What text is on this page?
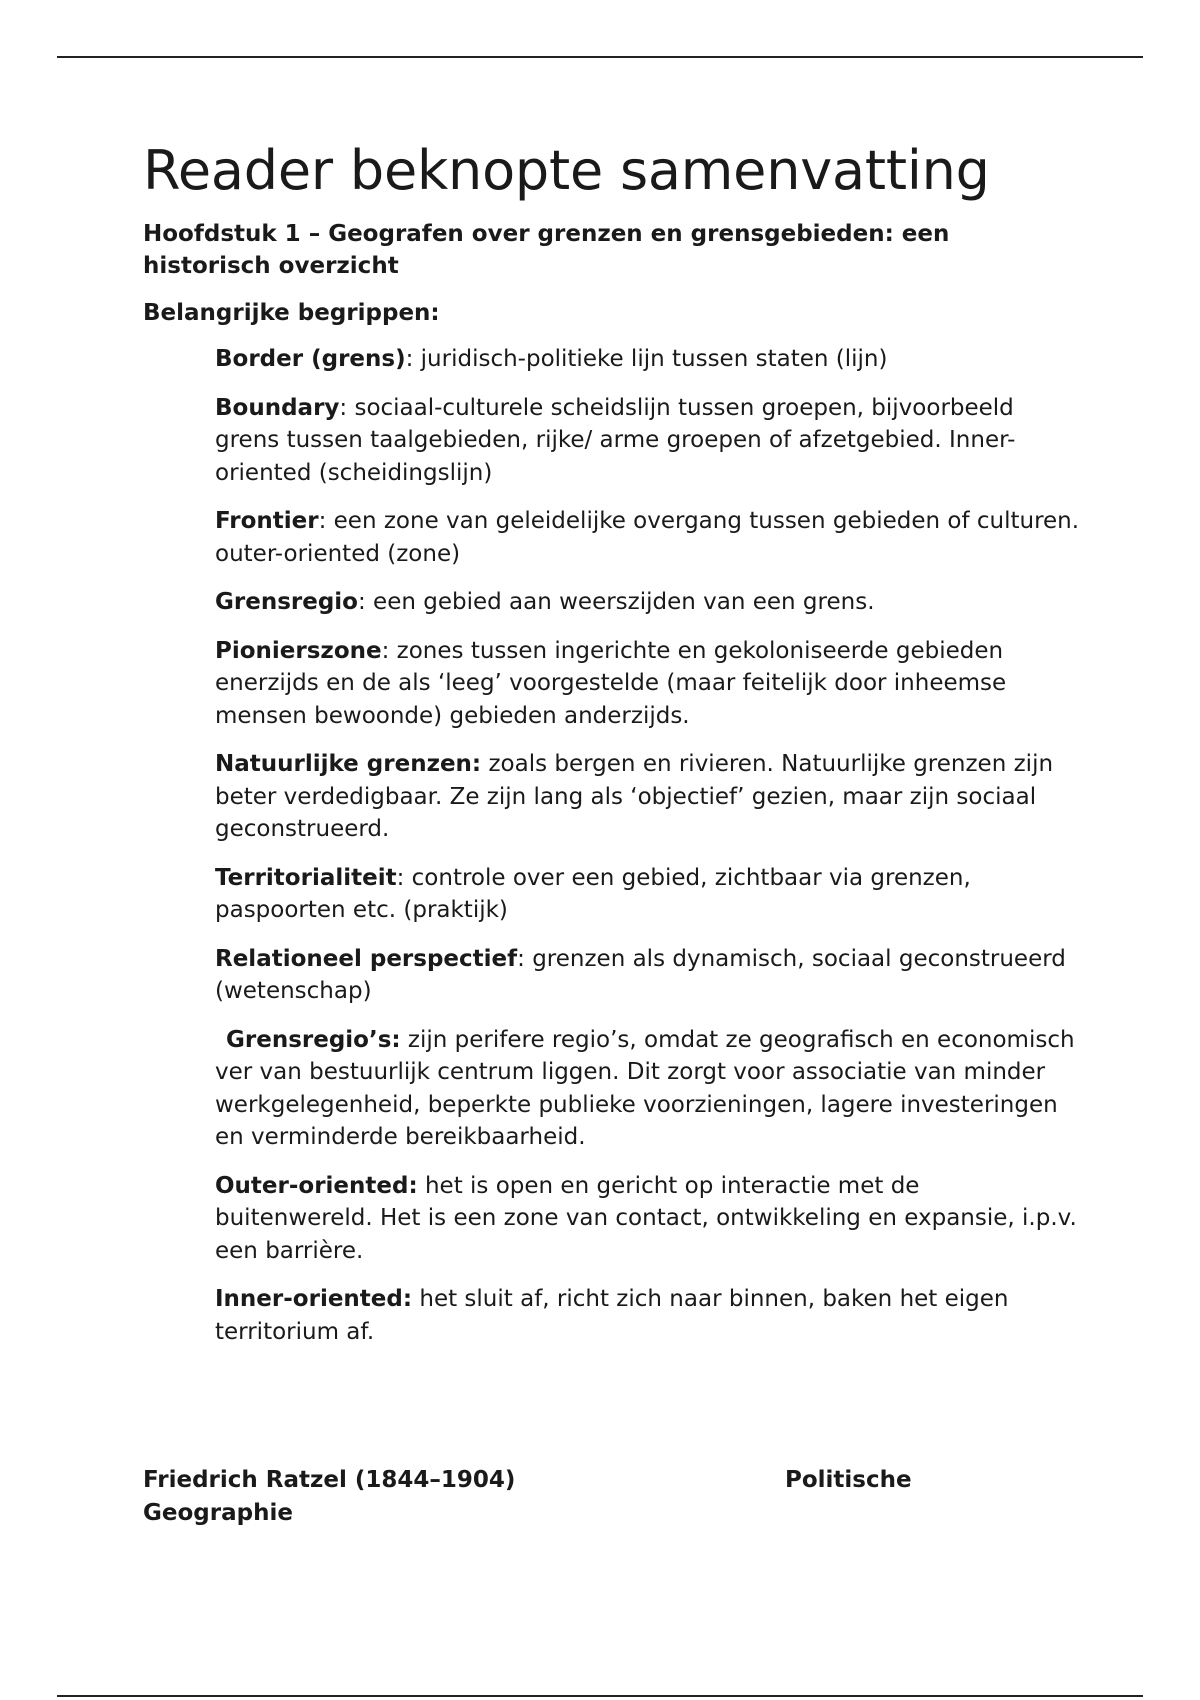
Reader beknopte samenvatting

Hoofdstuk 1 – Geografen over grenzen en grensgebieden: een historisch overzicht

Belangrijke begrippen:

Border (grens): juridisch-politieke lijn tussen staten (lijn)

Boundary: sociaal-culturele scheidslijn tussen groepen, bijvoorbeeld grens tussen taalgebieden, rijke/ arme groepen of afzetgebied. Inner-oriented (scheidingslijn)

Frontier: een zone van geleidelijke overgang tussen gebieden of culturen. outer-oriented (zone)

Grensregio: een gebied aan weerszijden van een grens.

Pionierszone: zones tussen ingerichte en gekoloniseerde gebieden enerzijds en de als ‘leeg’ voorgestelde (maar feitelijk door inheemse mensen bewoonde) gebieden anderzijds.

Natuurlijke grenzen: zoals bergen en rivieren. Natuurlijke grenzen zijn beter verdedigbaar. Ze zijn lang als ‘objectief’ gezien, maar zijn sociaal geconstrueerd.

Territorialiteit: controle over een gebied, zichtbaar via grenzen, paspoorten etc. (praktijk)

Relationeel perspectief: grenzen als dynamisch, sociaal geconstrueerd (wetenschap)

Grensregio’s: zijn perifere regio’s, omdat ze geografisch en economisch ver van bestuurlijk centrum liggen. Dit zorgt voor associatie van minder werkgelegenheid, beperkte publieke voorzieningen, lagere investeringen en verminderde bereikbaarheid.

Outer-oriented: het is open en gericht op interactie met de buitenwereld. Het is een zone van contact, ontwikkeling en expansie, i.p.v. een barrière.

Inner-oriented: het sluit af, richt zich naar binnen, baken het eigen territorium af.

Friedrich Ratzel (1844–1904) Geographie

Politische
